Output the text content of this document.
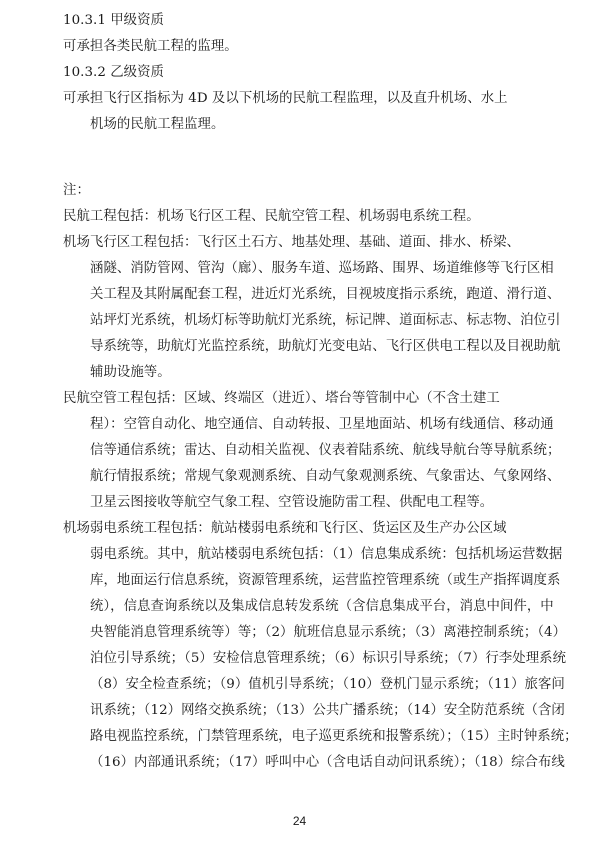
10.3.1 甲级资质
可承担各类民航工程的监理。
10.3.2 乙级资质
可承担飞行区指标为 4D 及以下机场的民航工程监理，以及直升机场、水上
机场的民航工程监理。
注：
民航工程包括：机场飞行区工程、民航空管工程、机场弱电系统工程。
机场飞行区工程包括：飞行区土石方、地基处理、基础、道面、排水、桥梁、
涵隧、消防管网、管沟（廊）、服务车道、巡场路、围界、场道维修等飞行区相
关工程及其附属配套工程，进近灯光系统，目视坡度指示系统，跑道、滑行道、
站坪灯光系统，机场灯标等助航灯光系统，标记牌、道面标志、标志物、泊位引
导系统等，助航灯光监控系统，助航灯光变电站、飞行区供电工程以及目视助航
辅助设施等。
民航空管工程包括：区域、终端区（进近）、塔台等管制中心（不含土建工
程）：空管自动化、地空通信、自动转报、卫星地面站、机场有线通信、移动通
信等通信系统；雷达、自动相关监视、仪表着陆系统、航线导航台等导航系统；
航行情报系统；常规气象观测系统、自动气象观测系统、气象雷达、气象网络、
卫星云图接收等航空气象工程、空管设施防雷工程、供配电工程等。
机场弱电系统工程包括：航站楼弱电系统和飞行区、货运区及生产办公区域
弱电系统。其中，航站楼弱电系统包括：（1）信息集成系统：包括机场运营数据
库，地面运行信息系统，资源管理系统，运营监控管理系统（或生产指挥调度系
统），信息查询系统以及集成信息转发系统（含信息集成平台，消息中间件，中
央智能消息管理系统等）等；（2）航班信息显示系统；（3）离港控制系统；（4）
泊位引导系统；（5）安检信息管理系统；（6）标识引导系统；（7）行李处理系统
（8）安全检查系统；（9）值机引导系统；（10）登机门显示系统；（11）旅客问
讯系统；（12）网络交换系统；（13）公共广播系统；（14）安全防范系统（含闭
路电视监控系统，门禁管理系统，电子巡更系统和报警系统）；（15）主时钟系统；
（16）内部通讯系统；（17）呼叫中心（含电话自动问讯系统）；（18）综合布线
24
